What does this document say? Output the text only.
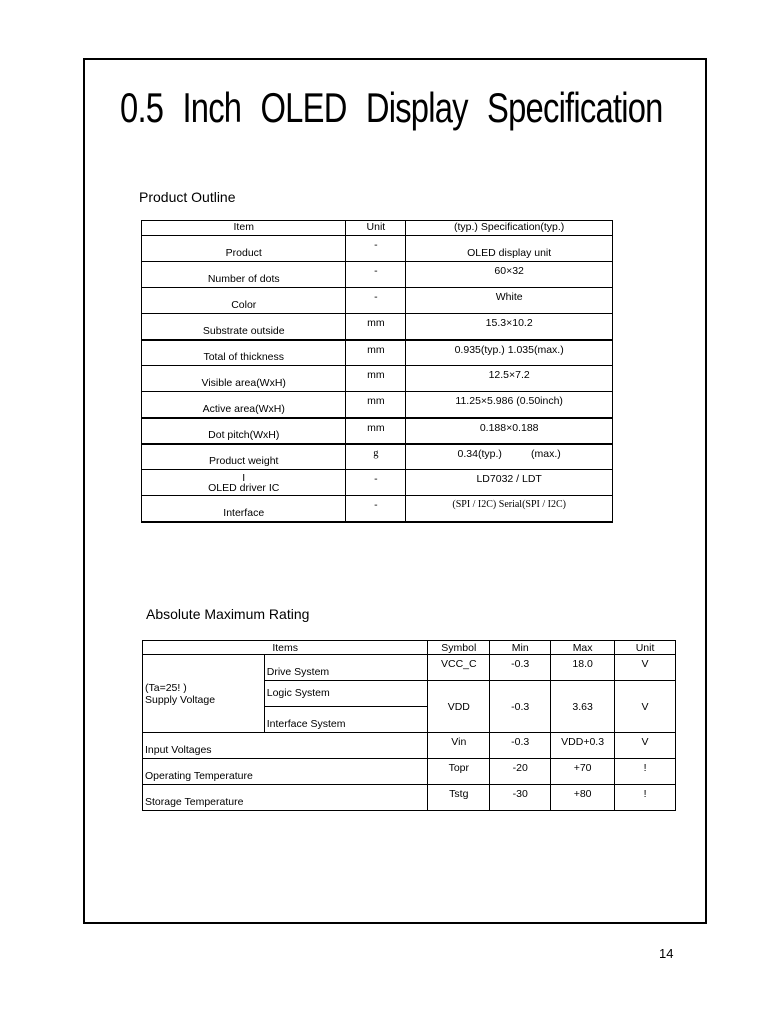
0.5 Inch OLED Display Specification
Product Outline
Item	Unit	(typ.) Specification(typ.)
Product	-	OLED display unit
Number of dots	-	60×32
Color	-	White
Substrate outside	mm	15.3×10.2
Total of thickness	mm	0.935(typ.) 1.035(max.)
Visible area(WxH)	mm	12.5×7.2
Active area(WxH)	mm	11.25×5.986 (0.50inch)
Dot pitch(WxH)	mm	0.188×0.188
Product weight	g	0.34(typ.)          (max.)
I
OLED driver IC	-	LD7032 / LDT
Interface	-	(SPI / I2C) Serial(SPI / I2C)
Absolute Maximum Rating
Items		Symbol	Min	Max	Unit
(Ta=25! )
Supply Voltage	Drive System	VCC_C	-0.3	18.0	V
	Logic System	VDD	-0.3	3.63	V
	Interface System				
Input Voltages		Vin	-0.3	VDD+0.3	V
Operating Temperature		Topr	-20	+70	!
Storage Temperature		Tstg	-30	+80	!
14
